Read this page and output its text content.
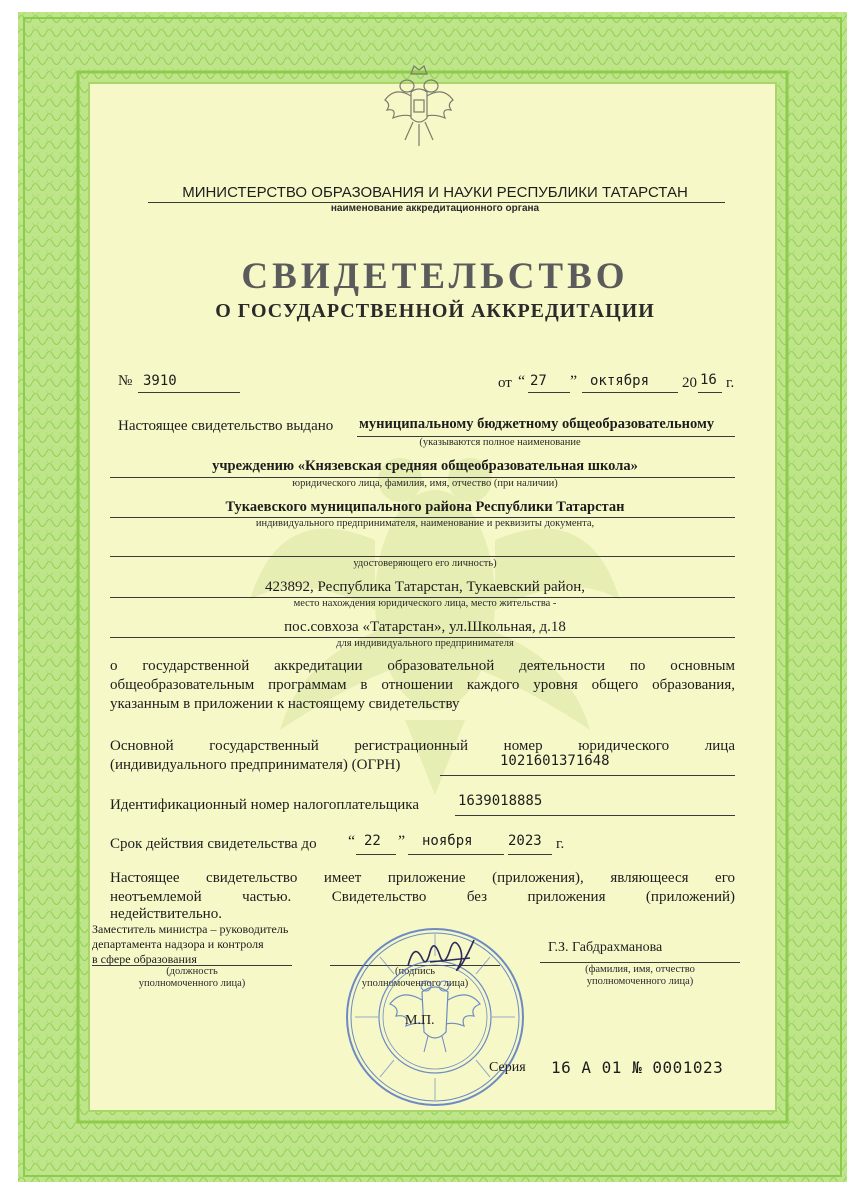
МИНИСТЕРСТВО ОБРАЗОВАНИЯ И НАУКИ РЕСПУБЛИКИ ТАТАРСТАН
наименование аккредитационного органа
СВИДЕТЕЛЬСТВО
О ГОСУДАРСТВЕННОЙ АККРЕДИТАЦИИ
№ 3910	от “ 27 ” октября 20 16 г.
Настоящее свидетельство выдано муниципальному бюджетному общеобразовательному
(указываются полное наименование
учреждению «Князевская средняя общеобразовательная школа»
юридического лица, фамилия, имя, отчество (при наличии)
Тукаевского муниципального района Республики Татарстан
индивидуального предпринимателя, наименование и реквизиты документа,
удостоверяющего его личность)
423892, Республика Татарстан, Тукаевский район,
место нахождения юридического лица, место жительства -
пос.совхоза «Татарстан», ул.Школьная, д.18
для индивидуального предпринимателя
о государственной аккредитации образовательной деятельности по основным
общеобразовательным программам в отношении каждого уровня общего образования,
указанным в приложении к настоящему свидетельству
Основной государственный регистрационный номер юридического лица
(индивидуального предпринимателя) (ОГРН)	1021601371648
Идентификационный номер налогоплательщика	1639018885
Срок действия свидетельства до “ 22 ” ноября	2023 г.
Настоящее свидетельство имеет приложение (приложения), являющееся его
неотъемлемой частью. Свидетельство без приложения (приложений)
недействительно.
Заместитель министра – руководитель
департамента надзора и контроля
в сфере образования
(должность
уполномоченного лица)
(подпись
уполномоченного лица)
Г.З. Габдрахманова
(фамилия, имя, отчество
уполномоченного лица)
М.П.
Серия 16 А 01 № 0001023
